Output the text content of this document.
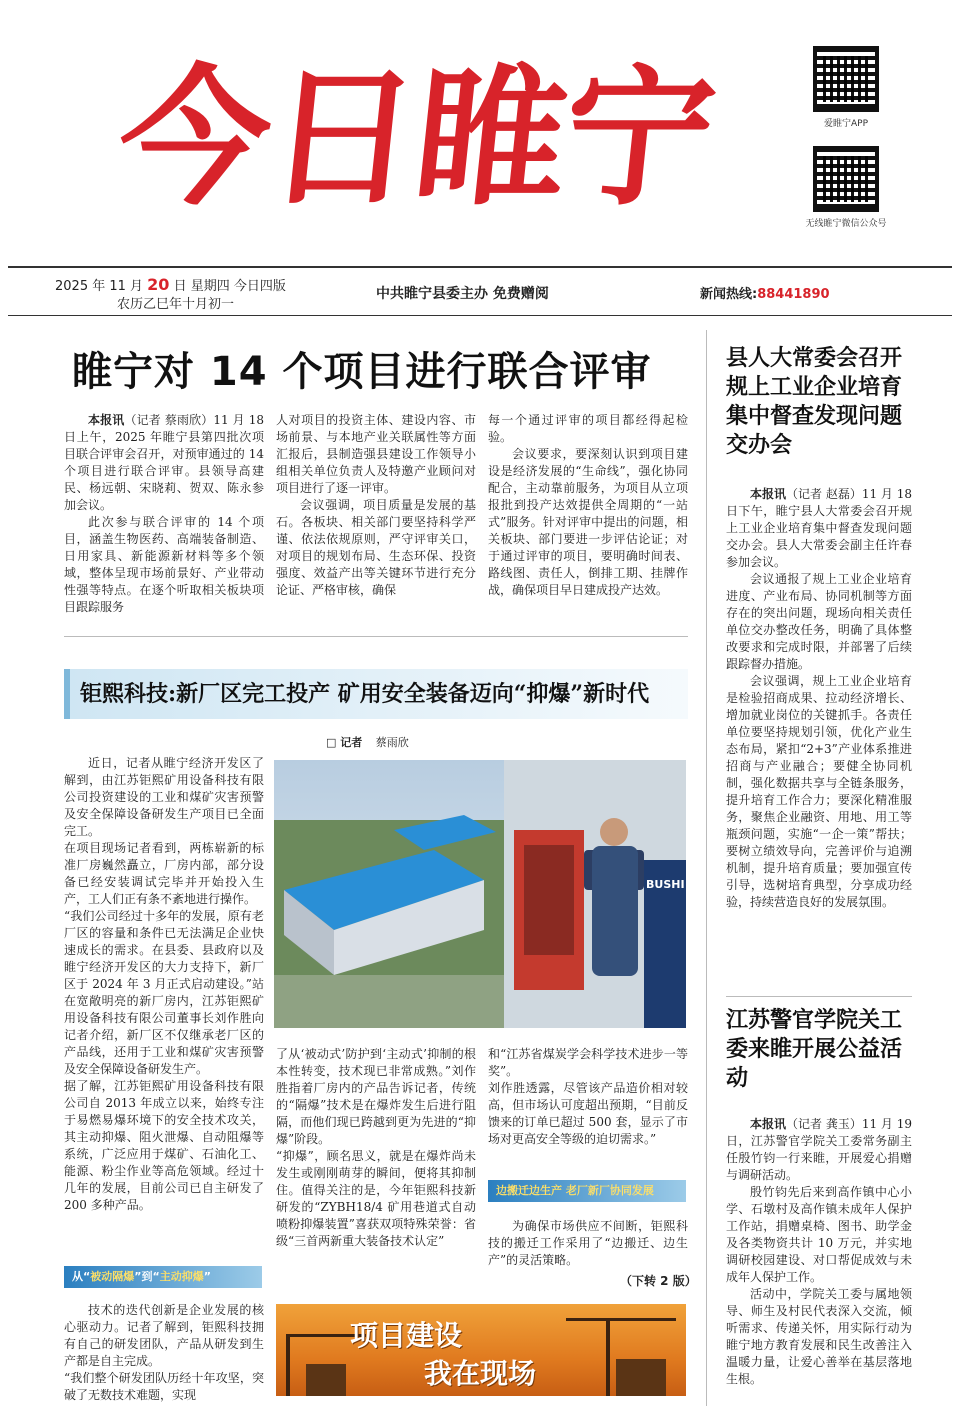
今日睢宁	爱睢宁APP
无线睢宁微信公众号
2025 年 11 月 20 日 星期四 今日四版
农历乙巳年十月初一
中共睢宁县委主办 免费赠阅	新闻热线:88441890
睢宁对 14 个项目进行联合评审

本报讯（记者 蔡雨欣）11 月 18 日上午，2025 年睢宁县第四批次项目联合评审会召开，对预审通过的 14 个项目进行联合评审。县领导高建民、杨远朝、宋晓莉、贺双、陈永参加会议。

此次参与联合评审的 14 个项目，涵盖生物医药、高端装备制造、日用家具、新能源新材料等多个领域，整体呈现市场前景好、产业带动性强等特点。在逐个听取相关板块项目跟踪服务

人对项目的投资主体、建设内容、市场前景、与本地产业关联属性等方面汇报后，县制造强县建设工作领导小组相关单位负责人及特邀产业顾问对项目进行了逐一评审。

会议强调，项目质量是发展的基石。各板块、相关部门要坚持科学严谨、依法依规原则，严守评审关口，对项目的规划布局、生态环保、投资强度、效益产出等关键环节进行充分论证、严格审核，确保

每一个通过评审的项目都经得起检验。

会议要求，要深刻认识到项目建设是经济发展的“生命线”，强化协同配合，主动靠前服务，为项目从立项报批到投产达效提供全周期的“一站式”服务。针对评审中提出的问题，相关板块、部门要进一步评估论证；对于通过评审的项目，要明确时间表、路线图、责任人，倒排工期、挂牌作战，确保项目早日建成投产达效。

钜熙科技:新厂区完工投产 矿用安全装备迈向“抑爆”新时代
□ 记者 蔡雨欣
近日，记者从睢宁经济开发区了解到，由江苏钜熙矿用设备科技有限公司投资建设的工业和煤矿灾害预警及安全保障设备研发生产项目已全面完工。
在项目现场记者看到，两栋崭新的标准厂房巍然矗立，厂房内部，部分设备已经安装调试完毕并开始投入生产，工人们正有条不紊地进行操作。
“我们公司经过十多年的发展，原有老厂区的容量和条件已无法满足企业快速成长的需求。在县委、县政府以及睢宁经济开发区的大力支持下，新厂区于 2024 年 3 月正式启动建设。”站在宽敞明亮的新厂房内，江苏钜熙矿用设备科技有限公司董事长刘作胜向记者介绍，新厂区不仅继承老厂区的产品线，还用于工业和煤矿灾害预警及安全保障设备研发生产。
据了解，江苏钜熙矿用设备科技有限公司自 2013 年成立以来，始终专注于易燃易爆环境下的安全技术攻关，其主动抑爆、阻火泄爆、自动阻爆等系统，广泛应用于煤矿、石油化工、能源、粉尘作业等高危领域。经过十几年的发展，目前公司已自主研发了 200 多种产品。
从“被动隔爆”到“主动抑爆”
技术的迭代创新是企业发展的核心驱动力。记者了解到，钜熙科技拥有自己的研发团队，产品从研发到生产都是自主完成。
“我们整个研发团队历经十年攻坚，突破了无数技术难题，实现
BUSHI
了从‘被动式’防护到‘主动式’抑制的根本性转变，技术现已非常成熟。”刘作胜指着厂房内的产品告诉记者，传统的“隔爆”技术是在爆炸发生后进行阻隔，而他们现已跨越到更为先进的“抑爆”阶段。
“抑爆”，顾名思义，就是在爆炸尚未发生或刚刚萌芽的瞬间，便将其抑制住。值得关注的是，今年钜熙科技新研发的“ZYBH18/4 矿用巷道式自动喷粉抑爆装置”喜获双项特殊荣誉：省级“三首两新重大装备技术认定”
和“江苏省煤炭学会科学技术进步一等奖”。
刘作胜透露，尽管该产品造价相对较高，但市场认可度超出预期，“目前反馈来的订单已超过 500 套，显示了市场对更高安全等级的迫切需求。”
边搬迁边生产 老厂新厂协同发展
为确保市场供应不间断，钜熙科技的搬迁工作采用了“边搬迁、边生产”的灵活策略。
（下转 2 版）
项目建设
我在现场
县人大常委会召开规上工业企业培育集中督查发现问题交办会

本报讯（记者 赵磊）11 月 18 日下午，睢宁县人大常委会召开规上工业企业培育集中督查发现问题交办会。县人大常委会副主任许春参加会议。

会议通报了规上工业企业培育进度、产业布局、协同机制等方面存在的突出问题，现场向相关责任单位交办整改任务，明确了具体整改要求和完成时限，并部署了后续跟踪督办措施。

会议强调，规上工业企业培育是检验招商成果、拉动经济增长、增加就业岗位的关键抓手。各责任单位要坚持规划引领，优化产业生态布局，紧扣“2+3”产业体系推进招商与产业融合；要健全协同机制，强化数据共享与全链条服务，提升培育工作合力；要深化精准服务，聚焦企业融资、用地、用工等瓶颈问题，实施“一企一策”帮扶；要树立绩效导向，完善评价与追溯机制，提升培育质量；要加强宣传引导，选树培育典型，分享成功经验，持续营造良好的发展氛围。

江苏警官学院关工委来睢开展公益活动

本报讯（记者 龚玉）11 月 19 日，江苏警官学院关工委常务副主任殷竹钧一行来睢，开展爱心捐赠与调研活动。

殷竹钧先后来到高作镇中心小学、石墩村及高作镇未成年人保护工作站，捐赠桌椅、图书、助学金及各类物资共计 10 万元，并实地调研校园建设、对口帮促成效与未成年人保护工作。

活动中，学院关工委与属地领导、师生及村民代表深入交流，倾听需求、传递关怀，用实际行动为睢宁地方教育发展和民生改善注入温暖力量，让爱心善举在基层落地生根。
